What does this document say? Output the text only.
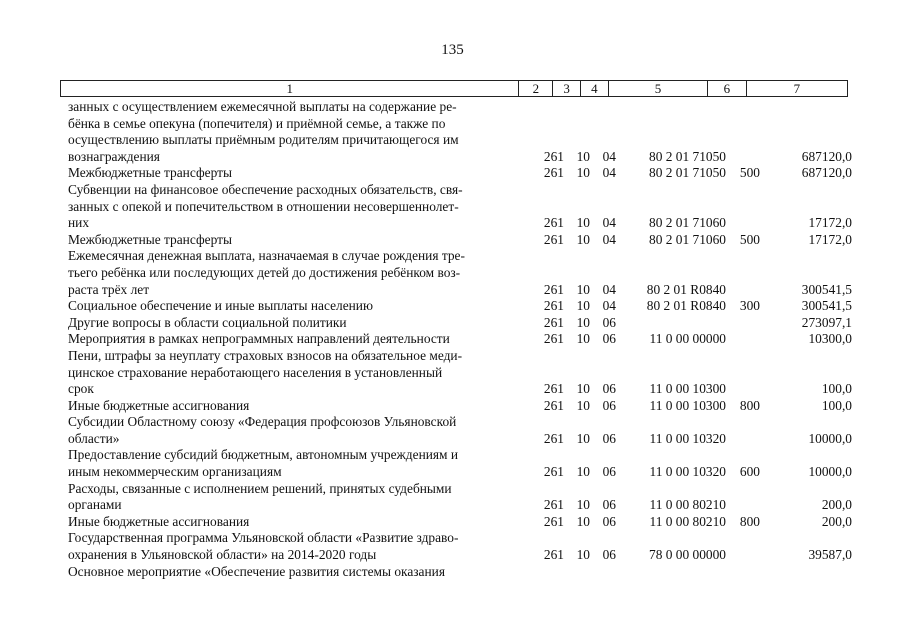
135
1	2	3	4	5	6	7
занных с осуществлением ежемесячной выплаты на содержание ре-
бёнка в семье опекуна (попечителя) и приёмной семье, а также по
осуществлению выплаты приёмным родителям причитающегося им
вознаграждения	261 10 04	80 2 01 71050	687120,0
Межбюджетные трансферты	261 10 04	80 2 01 71050	500	687120,0
Субвенции на финансовое обеспечение расходных обязательств, свя-
занных с опекой и попечительством в отношении несовершеннолет-
них	261 10 04	80 2 01 71060	17172,0
Межбюджетные трансферты	261 10 04	80 2 01 71060	500	17172,0
Ежемесячная денежная выплата, назначаемая в случае рождения тре-
тьего ребёнка или последующих детей до достижения ребёнком воз-
раста трёх лет	261 10 04	80 2 01 R0840	300541,5
Социальное обеспечение и иные выплаты населению	261 10 04	80 2 01 R0840	300	300541,5
Другие вопросы в области социальной политики	261 10 06	273097,1
Мероприятия в рамках непрограммных направлений деятельности	261 10 06	11 0 00 00000	10300,0
Пени, штрафы за неуплату страховых взносов на обязательное меди-
цинское страхование неработающего населения в установленный
срок	261 10 06	11 0 00 10300	100,0
Иные бюджетные ассигнования	261 10 06	11 0 00 10300	800	100,0
Субсидии Областному союзу «Федерация профсоюзов Ульяновской
области»	261 10 06	11 0 00 10320	10000,0
Предоставление субсидий бюджетным, автономным учреждениям и
иным некоммерческим организациям	261 10 06	11 0 00 10320	600	10000,0
Расходы, связанные с исполнением решений, принятых судебными
органами	261 10 06	11 0 00 80210	200,0
Иные бюджетные ассигнования	261 10 06	11 0 00 80210	800	200,0
Государственная программа Ульяновской области «Развитие здраво-
охранения в Ульяновской области» на 2014-2020 годы	261 10 06	78 0 00 00000	39587,0
Основное мероприятие «Обеспечение развития системы оказания
